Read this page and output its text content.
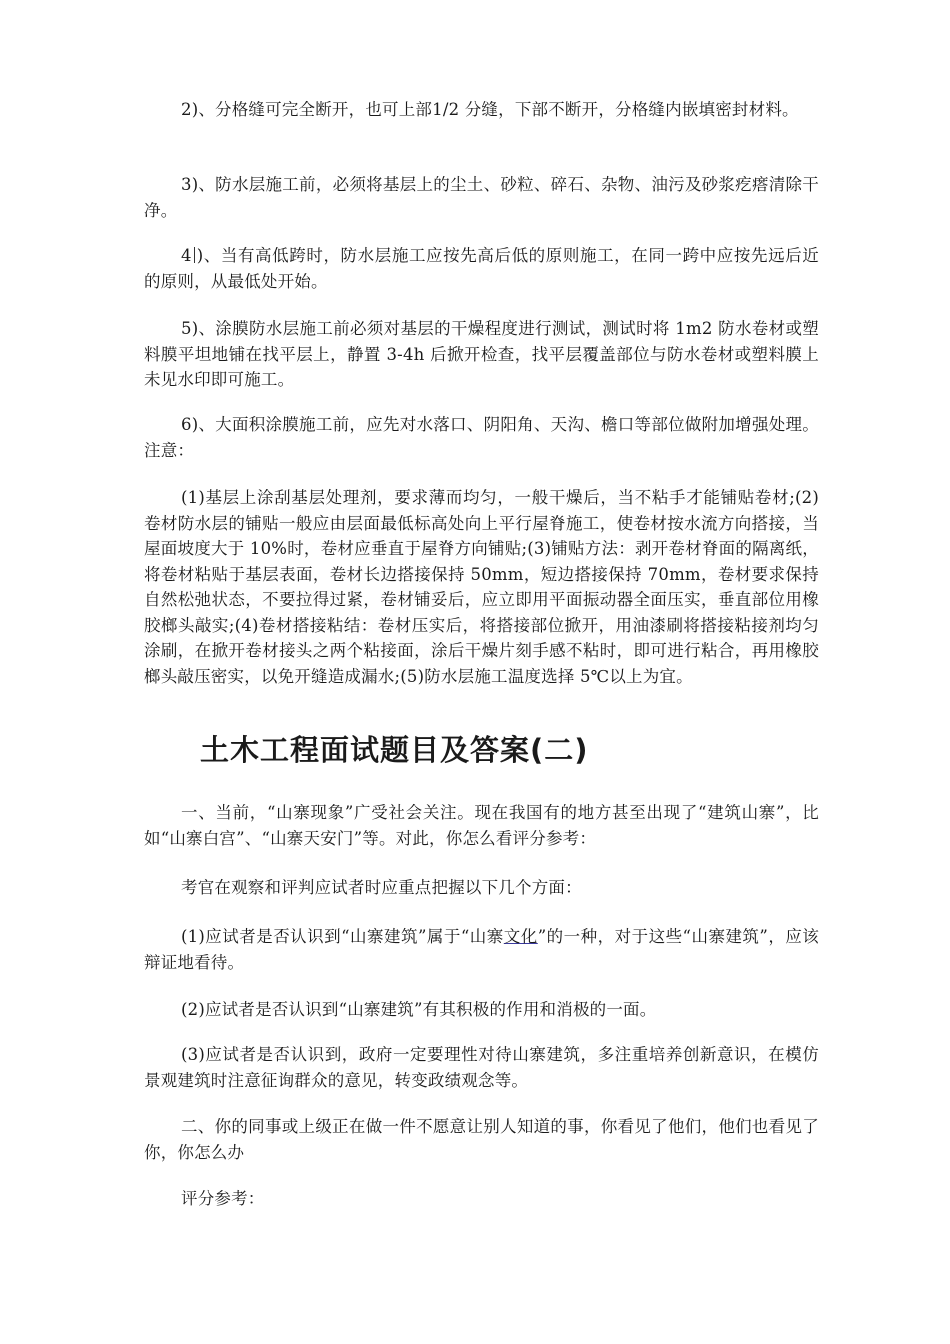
2)、分格缝可完全断开，也可上部1/2 分缝，下部不断开，分格缝内嵌填密封材料。

3)、防水层施工前，必须将基层上的尘土、砂粒、碎石、杂物、油污及砂浆疙瘩清除干净。

4 )、当有高低跨时，防水层施工应按先高后低的原则施工，在同一跨中应按先远后近的原则，从最低处开始。

5)、涂膜防水层施工前必须对基层的干燥程度进行测试，测试时将 1m2 防水卷材或塑料膜平坦地铺在找平层上，静置 3-4h 后掀开检查，找平层覆盖部位与防水卷材或塑料膜上未见水印即可施工。

6)、大面积涂膜施工前，应先对水落口、阴阳角、天沟、檐口等部位做附加增强处理。 注意：

(1)基层上涂刮基层处理剂，要求薄而均匀，一般干燥后，当不粘手才能铺贴卷材;(2)卷材防水层的铺贴一般应由层面最低标高处向上平行屋脊施工，使卷材按水流方向搭接，当屋面坡度大于 10%时，卷材应垂直于屋脊方向铺贴;(3)铺贴方法：剥开卷材脊面的隔离纸，将卷材粘贴于基层表面，卷材长边搭接保持 50mm，短边搭接保持 70mm，卷材要求保持自然松弛状态，不要拉得过紧，卷材铺妥后，应立即用平面振动器全面压实，垂直部位用橡胶榔头敲实;(4)卷材搭接粘结：卷材压实后，将搭接部位掀开，用油漆刷将搭接粘接剂均匀涂刷，在掀开卷材接头之两个粘接面，涂后干燥片刻手感不粘时，即可进行粘合，再用橡胶榔头敲压密实，以免开缝造成漏水;(5)防水层施工温度选择 5℃以上为宜。

土木工程面试题目及答案(二)

一、当前，“山寨现象”广受社会关注。现在我国有的地方甚至出现了“建筑山寨”，比如“山寨白宫”、“山寨天安门”等。对此，你怎么看评分参考：

考官在观察和评判应试者时应重点把握以下几个方面：

(1)应试者是否认识到“山寨建筑”属于“山寨文化”的一种，对于这些“山寨建筑”，应该辩证地看待。

(2)应试者是否认识到“山寨建筑”有其积极的作用和消极的一面。

(3)应试者是否认识到，政府一定要理性对待山寨建筑，多注重培养创新意识，在模仿景观建筑时注意征询群众的意见，转变政绩观念等。

二、你的同事或上级正在做一件不愿意让别人知道的事，你看见了他们，他们也看见了你，你怎么办

评分参考：
